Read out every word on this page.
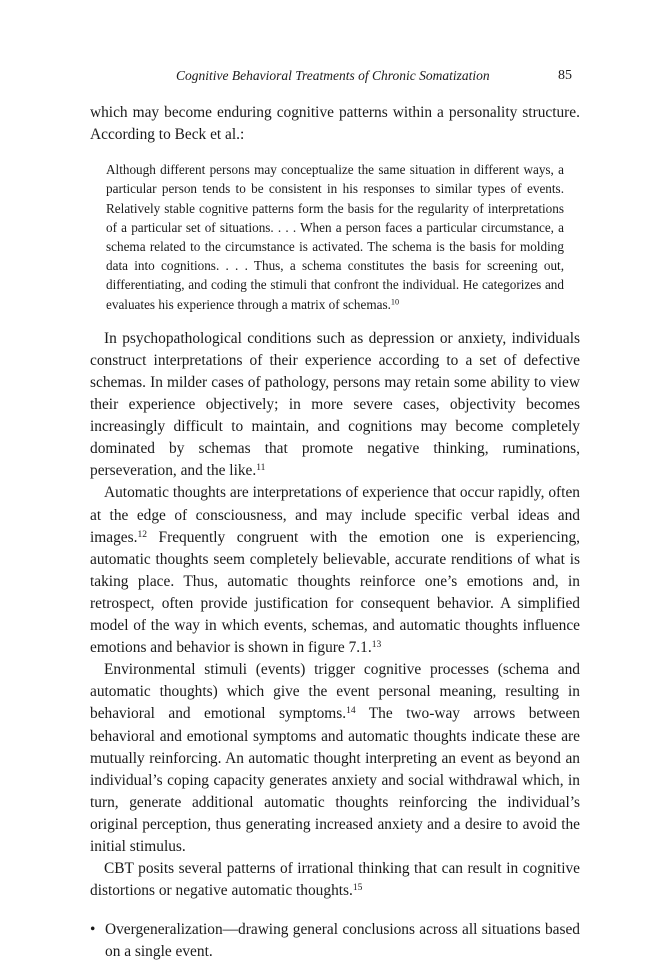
Cognitive Behavioral Treatments of Chronic Somatization	85

which may become enduring cognitive patterns within a personality structure. According to Beck et al.:

Although different persons may conceptualize the same situation in different ways, a particular person tends to be consistent in his responses to similar types of events. Relatively stable cognitive patterns form the basis for the regularity of interpretations of a particular set of situations. . . . When a person faces a particular circumstance, a schema related to the circumstance is activated. The schema is the basis for molding data into cognitions. . . . Thus, a schema constitutes the basis for screening out, differentiating, and coding the stimuli that confront the individual. He categorizes and evaluates his experience through a matrix of schemas.$^{10}$

In psychopathological conditions such as depression or anxiety, individuals construct interpretations of their experience according to a set of defective schemas. In milder cases of pathology, persons may retain some ability to view their experience objectively; in more severe cases, objectivity becomes increasingly difficult to maintain, and cognitions may become completely dominated by schemas that promote negative thinking, ruminations, perseveration, and the like.$^{11}$

Automatic thoughts are interpretations of experience that occur rapidly, often at the edge of consciousness, and may include specific verbal ideas and images.$^{12}$ Frequently congruent with the emotion one is experiencing, automatic thoughts seem completely believable, accurate renditions of what is taking place. Thus, automatic thoughts reinforce one’s emotions and, in retrospect, often provide justification for consequent behavior. A simplified model of the way in which events, schemas, and automatic thoughts influence emotions and behavior is shown in figure 7.1.13

Environmental stimuli (events) trigger cognitive processes (schema and automatic thoughts) which give the event personal meaning, resulting in behavioral and emotional symptoms.$^{14}$ The two-way arrows between behavioral and emotional symptoms and automatic thoughts indicate these are mutually reinforcing. An automatic thought interpreting an event as beyond an individual’s coping capacity generates anxiety and social withdrawal which, in turn, generate additional automatic thoughts reinforcing the individual’s original perception, thus generating increased anxiety and a desire to avoid the initial stimulus.

CBT posits several patterns of irrational thinking that can result in cognitive distortions or negative automatic thoughts.$^{15}$

• Overgeneralization—drawing general conclusions across all situations based on a single event.
